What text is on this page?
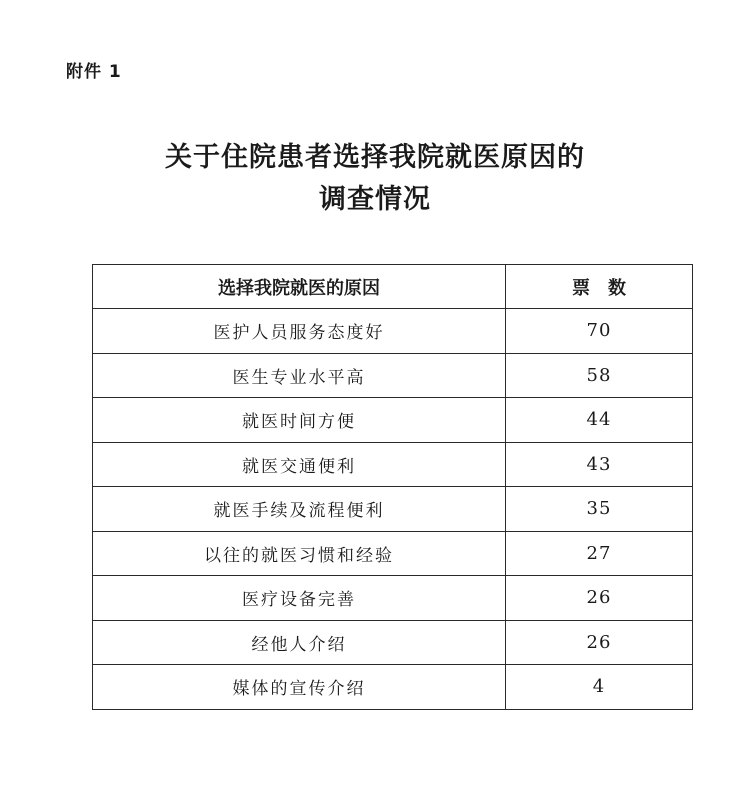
附件 1
关于住院患者选择我院就医原因的
调查情况
选择我院就医的原因	票　数
医护人员服务态度好	70
医生专业水平高	58
就医时间方便	44
就医交通便利	43
就医手续及流程便利	35
以往的就医习惯和经验	27
医疗设备完善	26
经他人介绍	26
媒体的宣传介绍	4
